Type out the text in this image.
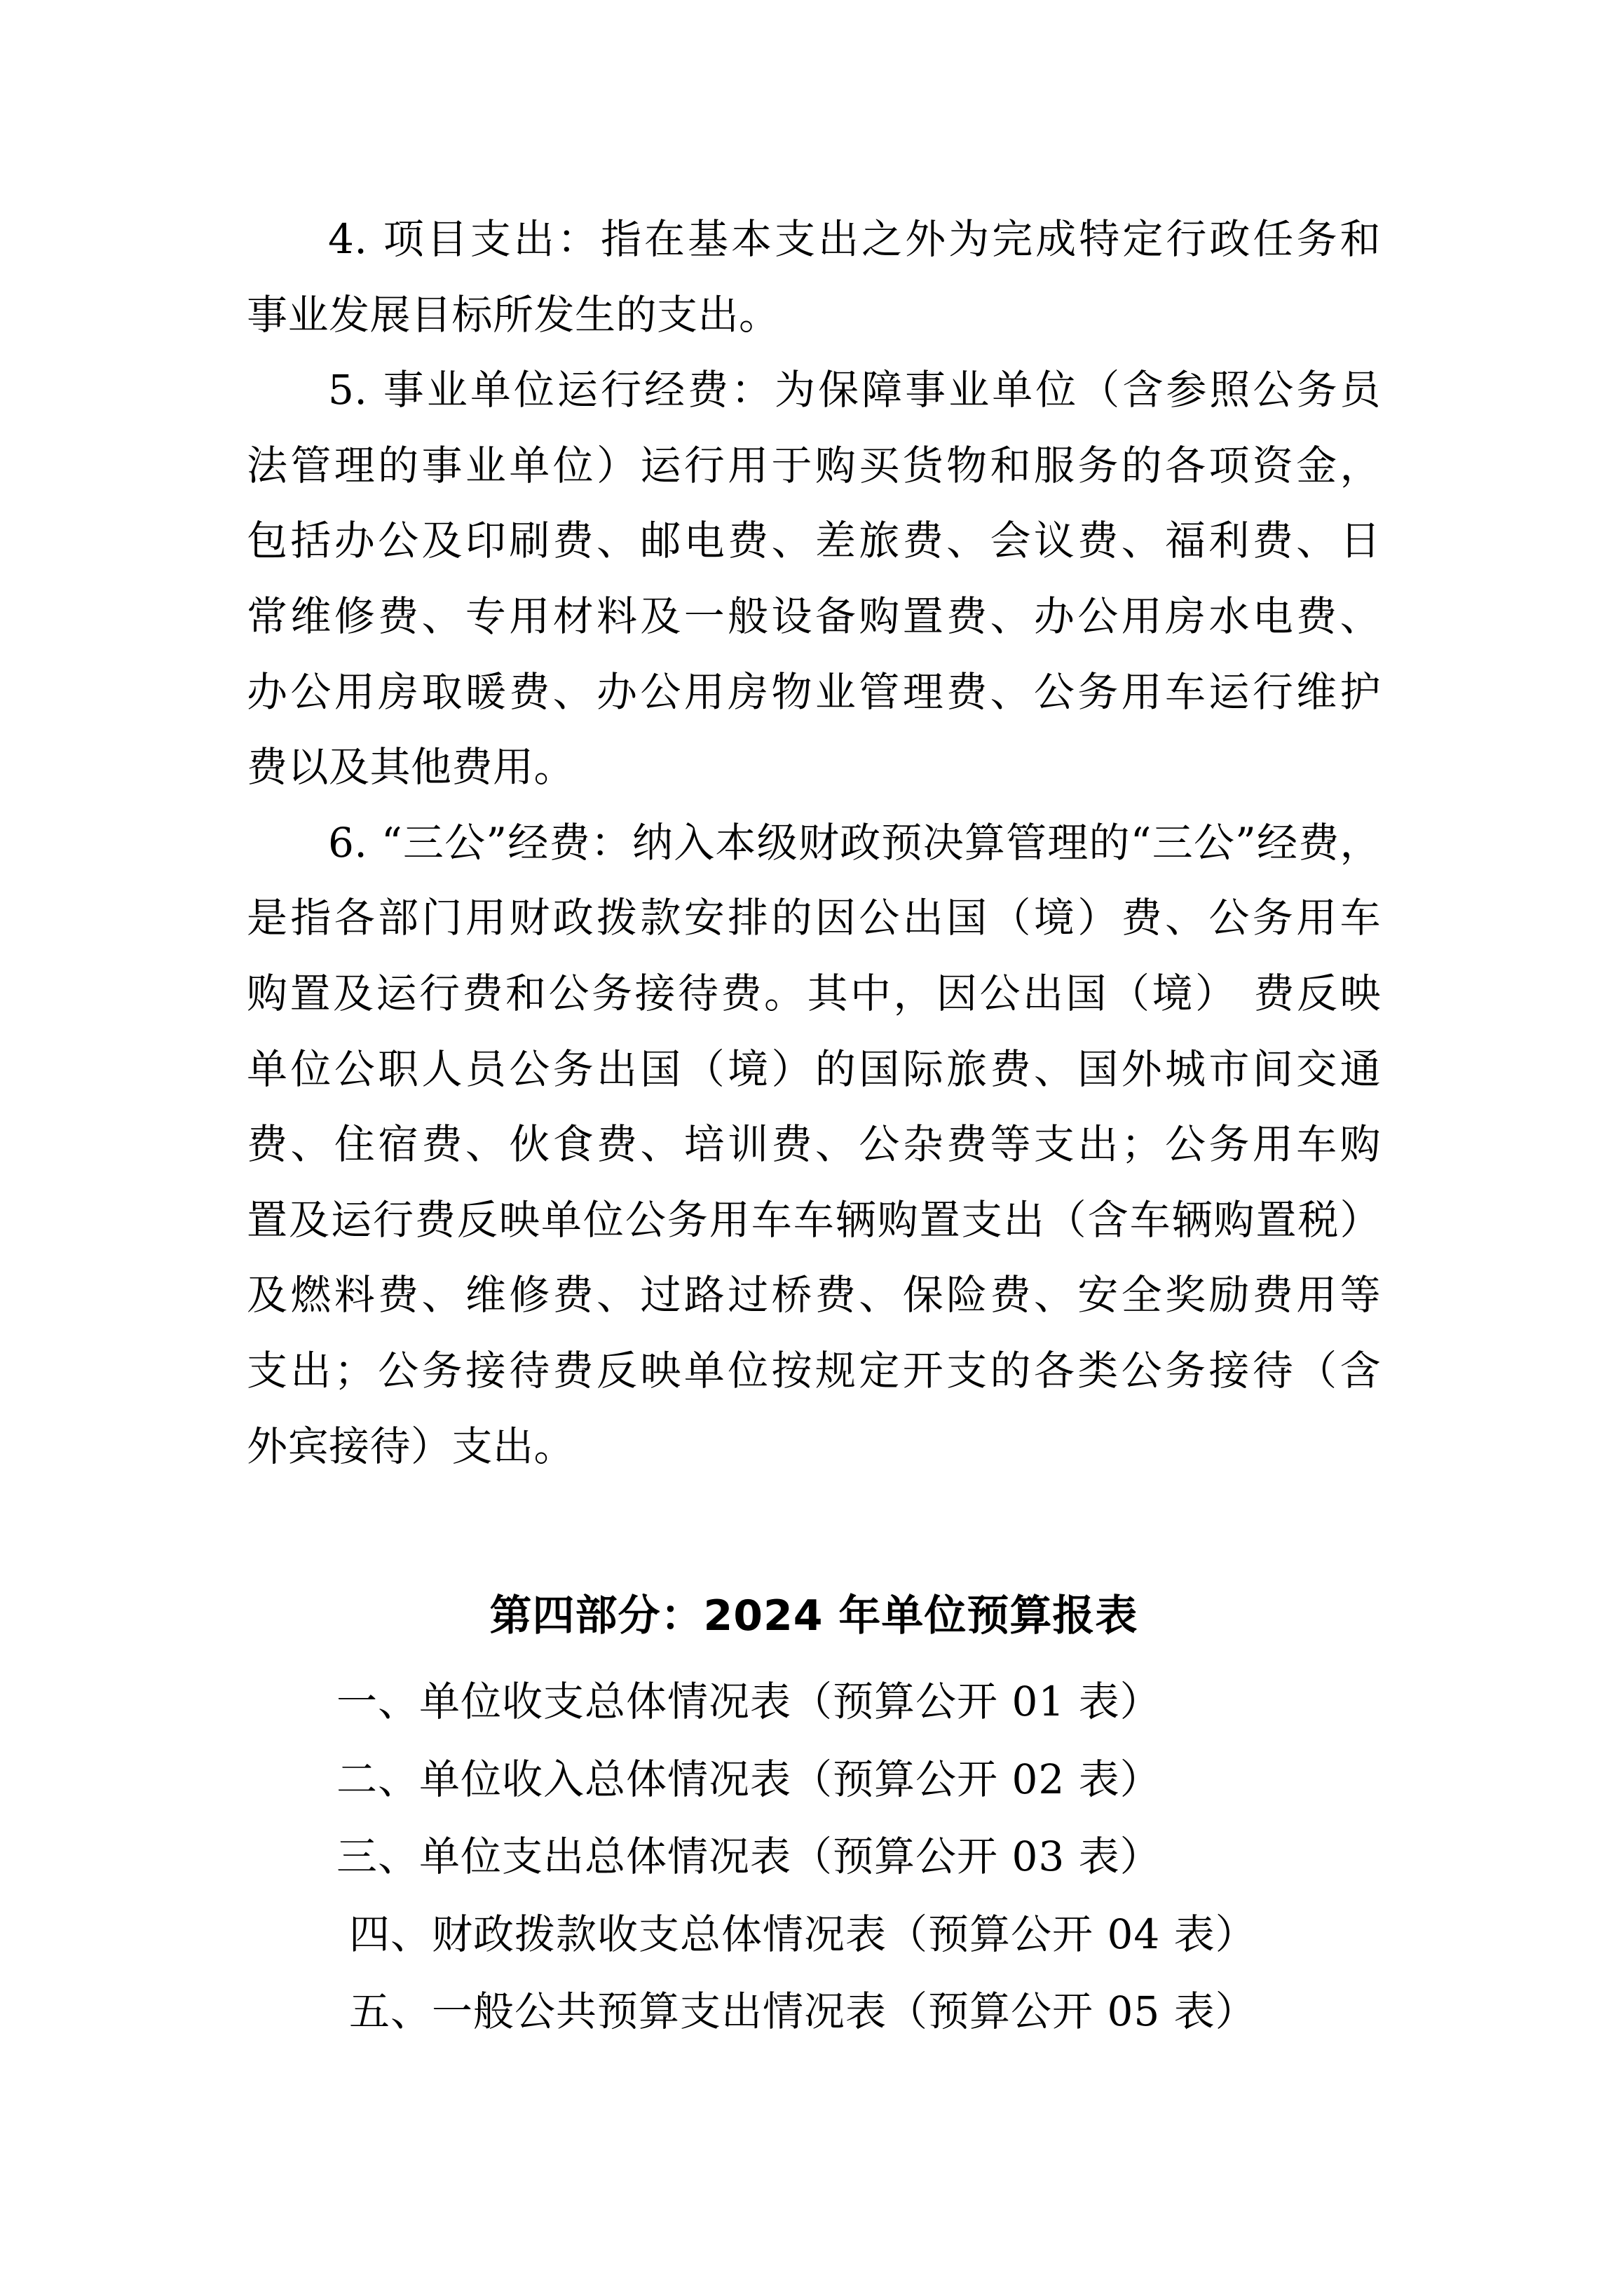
4. 项目支出：指在基本支出之外为完成特定行政任务和
事业发展目标所发生的支出。
5. 事业单位运行经费：为保障事业单位（含参照公务员
法管理的事业单位）运行用于购买货物和服务的各项资金，
包括办公及印刷费、邮电费、差旅费、会议费、福利费、日
常维修费、专用材料及一般设备购置费、办公用房水电费、
办公用房取暖费、办公用房物业管理费、公务用车运行维护
费以及其他费用。
6. “三公”经费：纳入本级财政预决算管理的“三公”经费，
是指各部门用财政拨款安排的因公出国（境）费、公务用车
购置及运行费和公务接待费。其中，因公出国（境） 费反映
单位公职人员公务出国（境）的国际旅费、国外城市间交通
费、住宿费、伙食费、培训费、公杂费等支出；公务用车购
置及运行费反映单位公务用车车辆购置支出（含车辆购置税）
及燃料费、维修费、过路过桥费、保险费、安全奖励费用等
支出；公务接待费反映单位按规定开支的各类公务接待（含
外宾接待）支出。
第四部分：2024 年单位预算报表
一、单位收支总体情况表（预算公开 01 表）
二、单位收入总体情况表（预算公开 02 表）
三、单位支出总体情况表（预算公开 03 表）
四、财政拨款收支总体情况表（预算公开 04 表）
五、一般公共预算支出情况表（预算公开 05 表）
